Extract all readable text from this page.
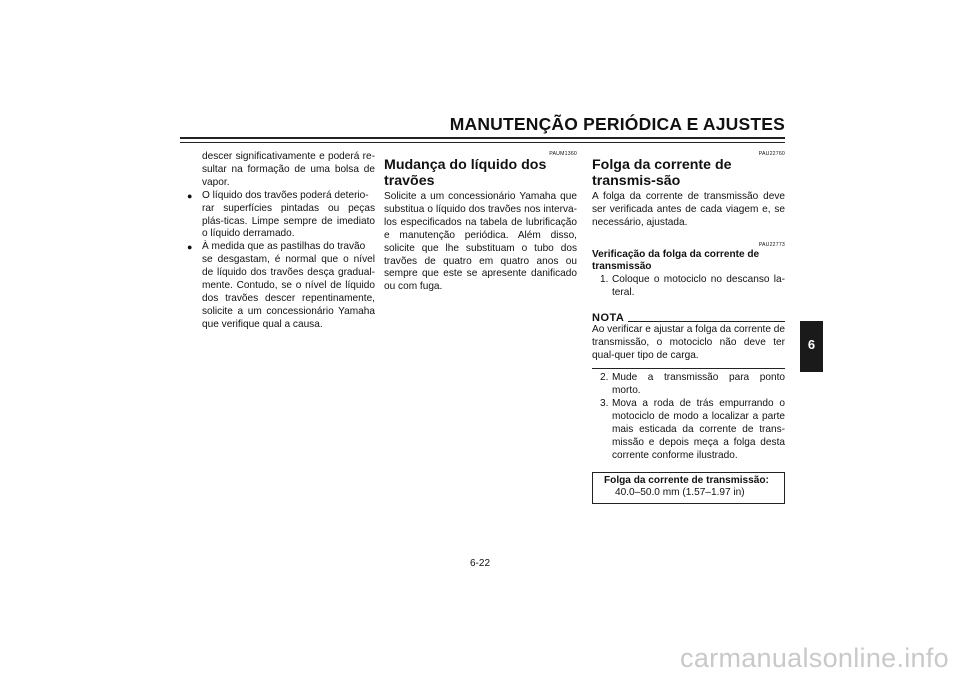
MANUTENÇÃO PERIÓDICA E AJUSTES
6

descer significativamente e poderá re-sultar na formação de uma bolsa de vapor.

● O líquido dos travões poderá deterio-
rar superfícies pintadas ou peças plás-ticas. Limpe sempre de imediato o líquido derramado.

● À medida que as pastilhas do travão
se desgastam, é normal que o nível de líquido dos travões desça gradual-mente. Contudo, se o nível de líquido dos travões descer repentinamente, solicite a um concessionário Yamaha que verifique qual a causa.

PAUM1360
Mudança do líquido dos travões

Solicite a um concessionário Yamaha que substitua o líquido dos travões nos interva-los especificados na tabela de lubrificação e manutenção periódica. Além disso, solicite que lhe substituam o tubo dos travões de quatro em quatro anos ou sempre que este se apresente danificado ou com fuga.

PAU22760
Folga da corrente de transmis-são

A folga da corrente de transmissão deve ser verificada antes de cada viagem e, se necessário, ajustada.

PAU22773
Verificação da folga da corrente de transmissão
1. Coloque o motociclo no descanso la-teral.

NOTA

Ao verificar e ajustar a folga da corrente de transmissão, o motociclo não deve ter qual-quer tipo de carga.

2. Mude a transmissão para ponto morto.

3. Mova a roda de trás empurrando o motociclo de modo a localizar a parte mais esticada da corrente de trans-missão e depois meça a folga desta corrente conforme ilustrado.

Folga da corrente de transmissão:
40.0–50.0 mm (1.57–1.97 in)
6-22
carmanualsonline.info
